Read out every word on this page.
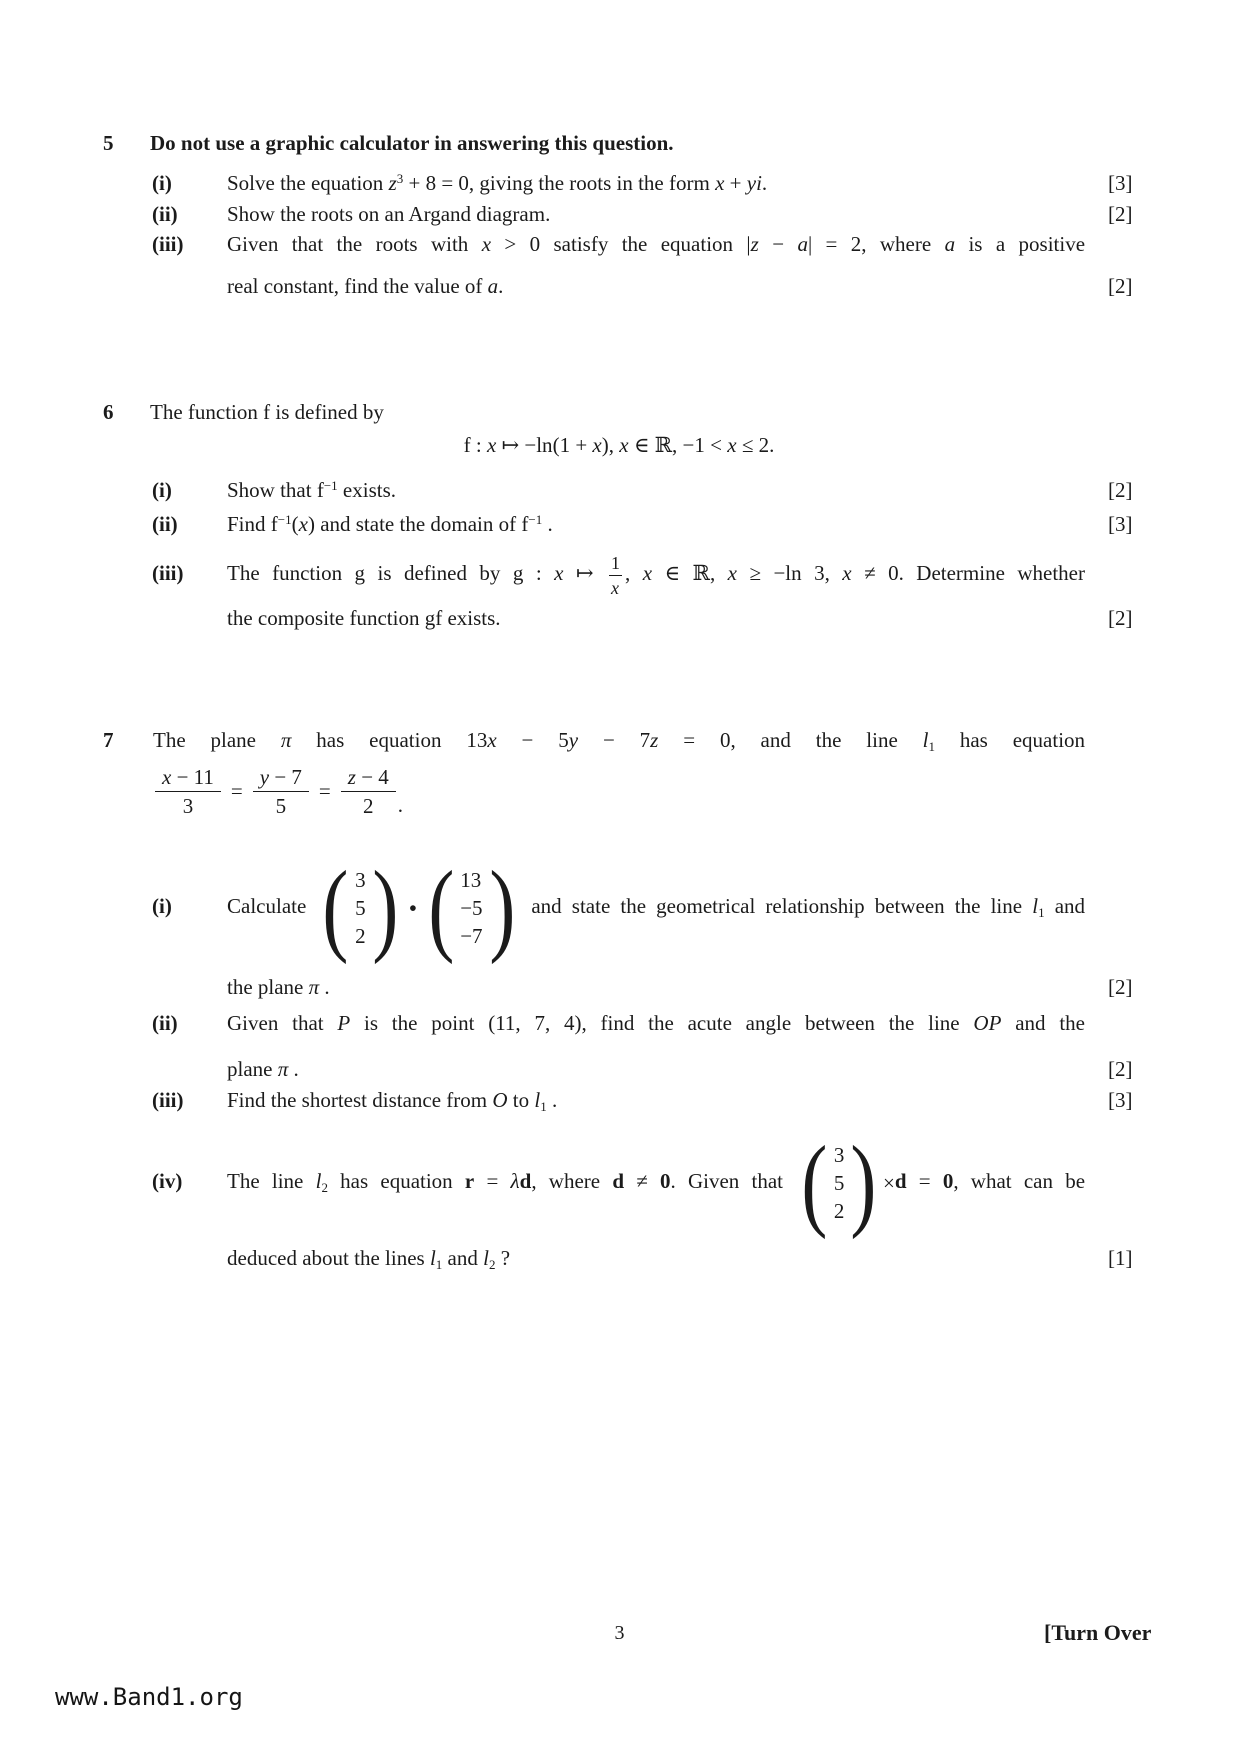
5 Do not use a graphic calculator in answering this question.
(i)	Solve the equation $z^3 + 8 = 0$, giving the roots in the form x + yi.	[3]
(ii) Show the roots on an Argand diagram.	[2]
(iii) Given that the roots with x > 0 satisfy the equation |z − a| = 2, where a is a positive
real constant, find the value of a.	[2]
6 The function f is defined by
f : x ↦ −ln(1 + x), x ∈ ℝ, −1 < x ≤ 2.
(i)	Show that $f^{-1}$ exists.	[2]
(ii) Find $f^{-1}(x)$ and state the domain of $f^{-1}$ .	[3]
(iii) The function g is defined by g : x ↦ $\frac{1}{x}$ , x ∈ ℝ, x ≥ −ln 3, x ≠ 0. Determine whether
the composite function gf exists.	[2]
7 The plane π has equation 13x − 5y − 7z = 0, and the line $l_1$ has equation
$\frac{x - 11}{3} = \frac{y - 7}{5} = \frac{z - 4}{2}$ .
(i)	Calculate ( 3
5
2 ) • ( 13
−5
−7 ) and state the geometrical relationship between the line $l_1$ and
the plane π .	[2]
(ii) Given that P is the point (11, 7, 4), find the acute angle between the line OP and the
plane π .	[2]
(iii) Find the shortest distance from O to $l_1$ .	[3]
(iv) The line $l_2$ has equation r = λd, where d ≠ 0. Given that ( 3
5
2 ) ×d = 0, what can be
deduced about the lines $l_1$ and $l_2$ ?	[1]
3	[Turn Over
www.Band1.org
